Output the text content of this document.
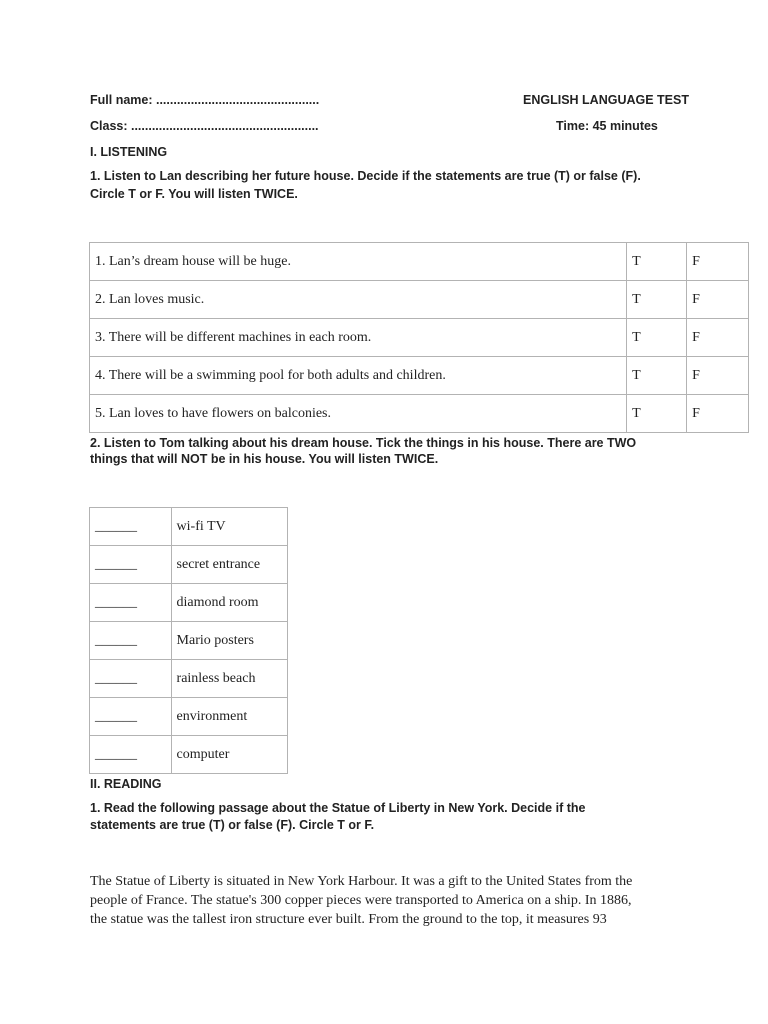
Full name: ...............................................	ENGLISH LANGUAGE TEST
Class: ......................................................	Time: 45 minutes
I. LISTENING
1. Listen to Lan describing her future house. Decide if the statements are true (T) or false (F).
Circle T or F. You will listen TWICE.
1. Lan’s dream house will be huge.	T	F
2. Lan loves music.	T	F
3. There will be different machines in each room.	T	F
4. There will be a swimming pool for both adults and children.	T	F
5. Lan loves to have flowers on balconies.	T	F
2. Listen to Tom talking about his dream house. Tick the things in his house. There are TWO
things that will NOT be in his house. You will listen TWICE.
______	wi-fi TV
______	secret entrance
______	diamond room
______	Mario posters
______	rainless beach
______	environment
______	computer
II. READING
1. Read the following passage about the Statue of Liberty in New York. Decide if the
statements are true (T) or false (F). Circle T or F.
The Statue of Liberty is situated in New York Harbour. It was a gift to the United States from the
people of France. The statue's 300 copper pieces were transported to America on a ship. In 1886,
the statue was the tallest iron structure ever built. From the ground to the top, it measures 93
